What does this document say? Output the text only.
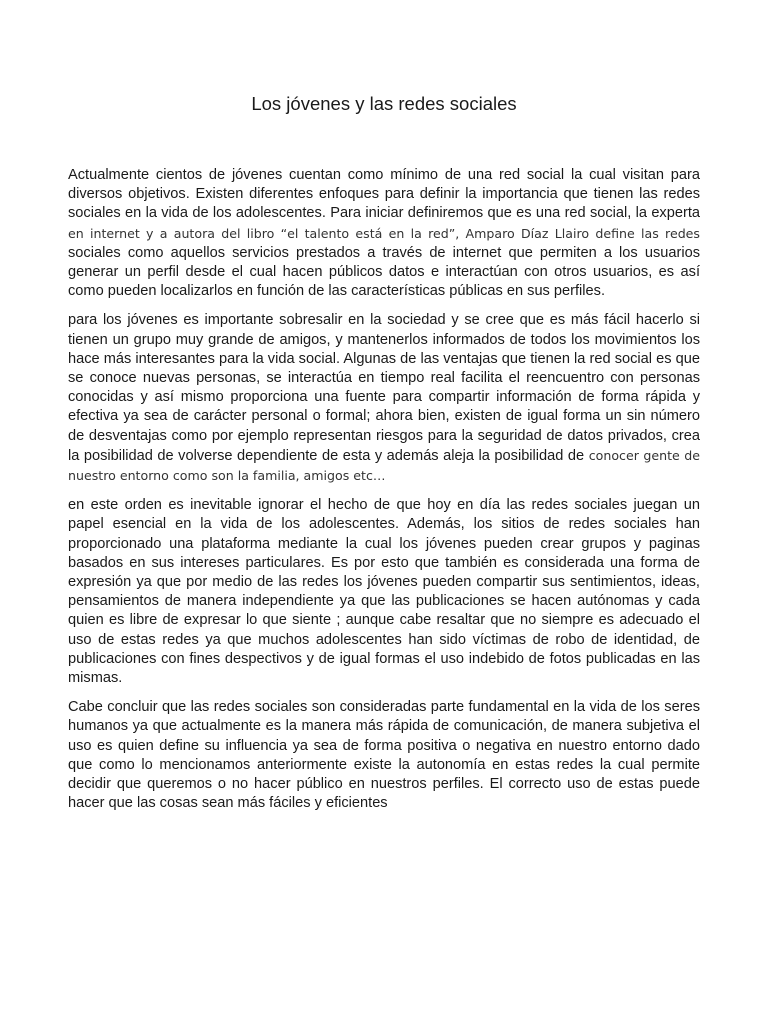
Los jóvenes y las redes sociales

Actualmente cientos de jóvenes cuentan como mínimo de una red social la cual visitan para diversos objetivos. Existen diferentes enfoques para definir la importancia que tienen las redes sociales en la vida de los adolescentes. Para iniciar definiremos que es una red social, la experta en internet y a autora del libro “el talento está en la red”, Amparo Díaz Llairo define las redes sociales como aquellos servicios prestados a través de internet que permiten a los usuarios generar un perfil desde el cual hacen públicos datos e interactúan con otros usuarios, es así como pueden localizarlos en función de las características públicas en sus perfiles.

para los jóvenes es importante sobresalir en la sociedad y se cree que es más fácil hacerlo si tienen un grupo muy grande de amigos, y mantenerlos informados de todos los movimientos los hace más interesantes para la vida social. Algunas de las ventajas que tienen la red social es que se conoce nuevas personas, se interactúa en tiempo real facilita el reencuentro con personas conocidas y así mismo proporciona una fuente para compartir información de forma rápida y efectiva ya sea de carácter personal o formal; ahora bien, existen de igual forma un sin número de desventajas como por ejemplo representan riesgos para la seguridad de datos privados, crea la posibilidad de volverse dependiente de esta y además aleja la posibilidad de conocer gente de nuestro entorno como son la familia, amigos etc…

en este orden es inevitable ignorar el hecho de que hoy en día las redes sociales juegan un papel esencial en la vida de los adolescentes. Además, los sitios de redes sociales han proporcionado una plataforma mediante la cual los jóvenes pueden crear grupos y paginas basados en sus intereses particulares. Es por esto que también es considerada una forma de expresión ya que por medio de las redes los jóvenes pueden compartir sus sentimientos, ideas, pensamientos de manera independiente ya que las publicaciones se hacen autónomas y cada quien es libre de expresar lo que siente ; aunque cabe resaltar que no siempre es adecuado el uso de estas redes ya que muchos adolescentes han sido víctimas de robo de identidad, de publicaciones con fines despectivos y de igual formas el uso indebido de fotos publicadas en las mismas.

Cabe concluir que las redes sociales son consideradas parte fundamental en la vida de los seres humanos ya que actualmente es la manera más rápida de comunicación, de manera subjetiva el uso es quien define su influencia ya sea de forma positiva o negativa en nuestro entorno dado que como lo mencionamos anteriormente existe la autonomía en estas redes la cual permite decidir que queremos o no hacer público en nuestros perfiles. El correcto uso de estas puede hacer que las cosas sean más fáciles y eficientes
